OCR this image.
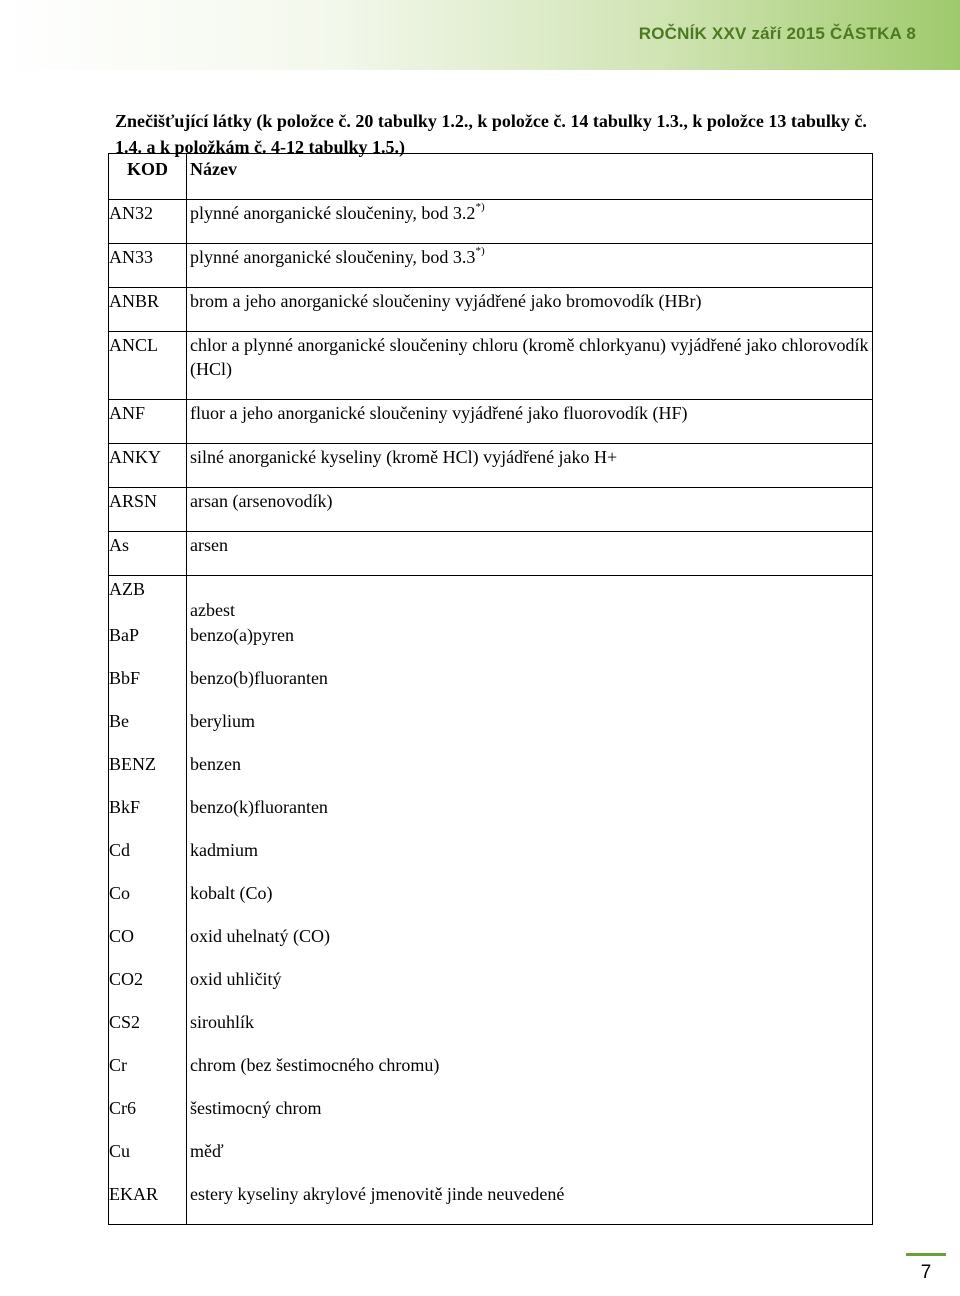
ROČNÍK XXV září 2015 ČÁSTKA 8
Znečišťující látky (k položce č. 20 tabulky 1.2., k položce č. 14 tabulky 1.3., k položce 13 tabulky č. 1.4. a k položkám č. 4-12 tabulky 1.5.)
KOD	Název
AN32	plynné anorganické sloučeniny, bod 3.2*)
AN33	plynné anorganické sloučeniny, bod 3.3*)
ANBR	brom a jeho anorganické sloučeniny vyjádřené jako bromovodík (HBr)
ANCL	chlor a plynné anorganické sloučeniny chloru (kromě chlorkyanu) vyjádřené jako chlorovodík (HCl)
ANF	fluor a jeho anorganické sloučeniny vyjádřené jako fluorovodík (HF)
ANKY	silné anorganické kyseliny (kromě HCl) vyjádřené jako H+
ARSN	arsan (arsenovodík)
As	arsen
AZB	azbest

BaP	benzo(a)pyren
BbF	benzo(b)fluoranten
Be	berylium
BENZ	benzen
BkF	benzo(k)fluoranten
Cd	kadmium
Co	kobalt (Co)
CO	oxid uhelnatý (CO)
CO2	oxid uhličitý
CS2	sirouhlík
Cr	chrom (bez šestimocného chromu)
Cr6	šestimocný chrom
Cu	měď
EKAR	estery kyseliny akrylové jmenovitě jinde neuvedené
7
